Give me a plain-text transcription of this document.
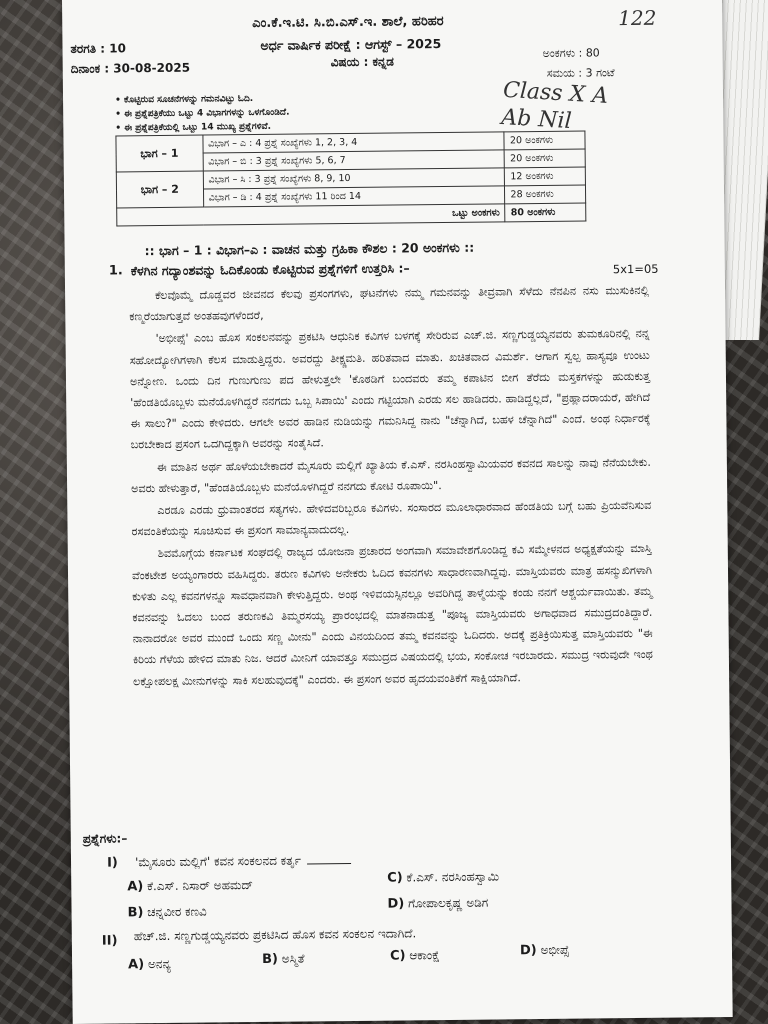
122
ಎಂ.ಕೆ.ಇ.ಟಿ. ಸಿ.ಬಿ.ಎಸ್.ಇ. ಶಾಲೆ, ಹರಿಹರ
ಅರ್ಧ ವಾರ್ಷಿಕ ಪರೀಕ್ಷೆ : ಆಗಸ್ಟ್ – 2025
ತರಗತಿ : 10
ದಿನಾಂಕ : 30-08-2025	ವಿಷಯ : ಕನ್ನಡ
ಅಂಕಗಳು : 80
ಸಮಯ : 3 ಗಂಟೆ
Class X A
Ab Nil
• ಕೊಟ್ಟಿರುವ ಸೂಚನೆಗಳನ್ನು ಗಮನವಿಟ್ಟು ಓದಿ.
• ಈ ಪ್ರಶ್ನೆಪತ್ರಿಕೆಯು ಒಟ್ಟು 4 ವಿಭಾಗಗಳನ್ನು ಒಳಗೊಂಡಿದೆ.
• ಈ ಪ್ರಶ್ನೆಪತ್ರಿಕೆಯಲ್ಲಿ ಒಟ್ಟು 14 ಮುಖ್ಯ ಪ್ರಶ್ನೆಗಳಿವೆ.
ಭಾಗ – 1	ವಿಭಾಗ – ಎ : 4 ಪ್ರಶ್ನೆ ಸಂಖ್ಯೆಗಳು 1, 2, 3, 4	20 ಅಂಕಗಳು
	ವಿಭಾಗ – ಬಿ : 3 ಪ್ರಶ್ನೆ ಸಂಖ್ಯೆಗಳು 5, 6, 7	20 ಅಂಕಗಳು
ಭಾಗ – 2	ವಿಭಾಗ – ಸಿ : 3 ಪ್ರಶ್ನೆ ಸಂಖ್ಯೆಗಳು 8, 9, 10	12 ಅಂಕಗಳು
	ವಿಭಾಗ – ಡಿ : 4 ಪ್ರಶ್ನೆ ಸಂಖ್ಯೆಗಳು 11 ರಿಂದ 14	28 ಅಂಕಗಳು
ಒಟ್ಟು ಅಂಕಗಳು		80 ಅಂಕಗಳು
:: ಭಾಗ – 1 : ವಿಭಾಗ–ಎ : ವಾಚನ ಮತ್ತು ಗ್ರಹಿಕಾ ಕೌಶಲ : 20 ಅಂಕಗಳು ::
1. ಕೆಳಗಿನ ಗದ್ಯಾಂಶವನ್ನು ಓದಿಕೊಂಡು ಕೊಟ್ಟಿರುವ ಪ್ರಶ್ನೆಗಳಿಗೆ ಉತ್ತರಿಸಿ :–	5x1=05

ಕೆಲವೊಮ್ಮೆ ದೊಡ್ಡವರ ಜೀವನದ ಕೆಲವು ಪ್ರಸಂಗಗಳು, ಘಟನೆಗಳು ನಮ್ಮ ಗಮನವನ್ನು ತೀವ್ರವಾಗಿ ಸೆಳೆದು ನೆನಪಿನ ನಸು ಮುಸುಕಿನಲ್ಲಿ ಕಣ್ಮರೆಯಾಗುತ್ತವೆ ಅಂತಹವುಗಳೆಂದರೆ,

'ಅಭೀಪ್ಸೆ' ಎಂಬ ಹೊಸ ಸಂಕಲನವನ್ನು ಪ್ರಕಟಿಸಿ ಆಧುನಿಕ ಕವಿಗಳ ಬಳಗಕ್ಕೆ ಸೇರಿರುವ ಎಚ್.ಜಿ. ಸಣ್ಣಗುಡ್ಡಯ್ಯನವರು ತುಮಕೂರಿನಲ್ಲಿ ನನ್ನ ಸಹೋದ್ಯೋಗಿಗಳಾಗಿ ಕೆಲಸ ಮಾಡುತ್ತಿದ್ದರು. ಅವರದ್ದು ತೀಕ್ಷ್ಣಮತಿ. ಹರಿತವಾದ ಮಾತು. ಖಚಿತವಾದ ವಿಮರ್ಶೆ. ಆಗಾಗ ಸ್ವಲ್ಪ ಹಾಸ್ಯವೂ ಉಂಟು ಅನ್ನೋಣ. ಒಂದು ದಿನ ಗುಣುಗುಣು ಪದ ಹೇಳುತ್ತಲೇ 'ಕೊಠಡಿಗೆ ಬಂದವರು ತಮ್ಮ ಕಪಾಟಿನ ಬೀಗ ತೆರೆದು ಮಸ್ತಕಗಳನ್ನು ಹುಡುಕುತ್ತ 'ಹೆಂಡತಿಯೊಬ್ಬಳು ಮನೆಯೊಳಗಿದ್ದರೆ ನನಗದು ಒಬ್ಬ ಸಿಪಾಯಿ' ಎಂದು ಗಟ್ಟಿಯಾಗಿ ಎರಡು ಸಲ ಹಾಡಿದರು. ಹಾಡಿದ್ದಲ್ಲದೆ, "ಪ್ರಹ್ಲಾದರಾಯರೆ, ಹೇಗಿದೆ ಈ ಸಾಲು?" ಎಂದು ಕೇಳಿದರು. ಆಗಲೇ ಅವರ ಹಾಡಿನ ನುಡಿಯನ್ನು ಗಮನಿಸಿದ್ದ ನಾನು "ಚೆನ್ನಾಗಿದೆ, ಬಹಳ ಚೆನ್ನಾಗಿದೆ" ಎಂದೆ. ಅಂಥ ನಿರ್ಧಾರಕ್ಕೆ ಬರಬೇಕಾದ ಪ್ರಸಂಗ ಒದಗಿದ್ದಕ್ಕಾಗಿ ಅವರನ್ನು ಸಂತೈಸಿದೆ.

ಈ ಮಾತಿನ ಅರ್ಥ ಹೊಳೆಯಬೇಕಾದರೆ ಮೈಸೂರು ಮಲ್ಲಿಗೆ ಖ್ಯಾತಿಯ ಕೆ.ಎಸ್. ನರಸಿಂಹಸ್ವಾಮಿಯವರ ಕವನದ ಸಾಲನ್ನು ನಾವು ನೆನೆಯಬೇಕು. ಅವರು ಹೇಳುತ್ತಾರೆ, "ಹೆಂಡತಿಯೊಬ್ಬಳು ಮನೆಯೊಳಗಿದ್ದರೆ ನನಗದು ಕೋಟಿ ರೂಪಾಯಿ".

ಎರಡೂ ಎರಡು ಧ್ರುವಾಂತರದ ಸತ್ಯಗಳು. ಹೇಳಿದವರಿಬ್ಬರೂ ಕವಿಗಳು. ಸಂಸಾರದ ಮೂಲಾಧಾರವಾದ ಹೆಂಡತಿಯ ಬಗ್ಗೆ ಬಹು ಪ್ರಿಯವೆನಿಸುವ ರಸವಂತಿಕೆಯನ್ನು ಸೂಚಿಸುವ ಈ ಪ್ರಸಂಗ ಸಾಮಾನ್ಯವಾದುದಲ್ಲ.

ಶಿವಮೊಗ್ಗೆಯ ಕರ್ನಾಟಕ ಸಂಘದಲ್ಲಿ ರಾಜ್ಯದ ಯೋಜನಾ ಪ್ರಚಾರದ ಅಂಗವಾಗಿ ಸಮಾವೇಶಗೊಂಡಿದ್ದ ಕವಿ ಸಮ್ಮೇಳನದ ಅಧ್ಯಕ್ಷತೆಯನ್ನು ಮಾಸ್ತಿ ವೆಂಕಟೇಶ ಅಯ್ಯಂಗಾರರು ವಹಿಸಿದ್ದರು. ತರುಣ ಕವಿಗಳು ಅನೇಕರು ಓದಿದ ಕವನಗಳು ಸಾಧಾರಣವಾಗಿದ್ದವು. ಮಾಸ್ತಿಯವರು ಮಾತ್ರ ಹಸನ್ಮುಖಿಗಳಾಗಿ ಕುಳಿತು ಎಲ್ಲ ಕವನಗಳನ್ನೂ ಸಾವಧಾನವಾಗಿ ಕೇಳುತ್ತಿದ್ದರು. ಅಂಥ ಇಳಿವಯಸ್ಸಿನಲ್ಲೂ ಅವರಿಗಿದ್ದ ತಾಳ್ಮೆಯನ್ನು ಕಂಡು ನನಗೆ ಆಶ್ಚರ್ಯವಾಯಿತು. ತಮ್ಮ ಕವನವನ್ನು ಓದಲು ಬಂದ ತರುಣಕವಿ ತಿಮ್ಮರಸಯ್ಯ ಪ್ರಾರಂಭದಲ್ಲಿ ಮಾತನಾಡುತ್ತ "ಪೂಜ್ಯ ಮಾಸ್ತಿಯವರು ಅಗಾಧವಾದ ಸಮುದ್ರದಂತಿದ್ದಾರೆ. ನಾನಾದರೋ ಅವರ ಮುಂದೆ ಒಂದು ಸಣ್ಣ ಮೀನು" ಎಂದು ವಿನಯದಿಂದ ತಮ್ಮ ಕವನವನ್ನು ಓದಿದರು. ಅದಕ್ಕೆ ಪ್ರತಿಕ್ರಿಯಿಸುತ್ತ ಮಾಸ್ತಿಯವರು "ಈ ಕಿರಿಯ ಗೆಳೆಯ ಹೇಳಿದ ಮಾತು ನಿಜ. ಆದರೆ ಮೀನಿಗೆ ಯಾವತ್ತೂ ಸಮುದ್ರದ ವಿಷಯದಲ್ಲಿ ಭಯ, ಸಂಕೋಚ ಇರಬಾರದು. ಸಮುದ್ರ ಇರುವುದೇ ಇಂಥ ಲಕ್ಷೋಪಲಕ್ಷ ಮೀನುಗಳನ್ನು ಸಾಕಿ ಸಲಹುವುದಕ್ಕೆ" ಎಂದರು. ಈ ಪ್ರಸಂಗ ಅವರ ಹೃದಯವಂತಿಕೆಗೆ ಸಾಕ್ಷಿಯಾಗಿದೆ.

ಪ್ರಶ್ನೆಗಳು:–
I) 'ಮೈಸೂರು ಮಲ್ಲಿಗೆ' ಕವನ ಸಂಕಲನದ ಕರ್ತೃ
A) ಕೆ.ಎಸ್. ನಿಸಾರ್ ಅಹಮದ್	C) ಕೆ.ಎಸ್. ನರಸಿಂಹಸ್ವಾಮಿ
B) ಚನ್ನವೀರ ಕಣವಿ
D) ಗೋಪಾಲಕೃಷ್ಣ ಅಡಿಗ
II) ಹೆಚ್.ಜಿ. ಸಣ್ಣಗುಡ್ಡಯ್ಯನವರು ಪ್ರಕಟಿಸಿದ ಹೊಸ ಕವನ ಸಂಕಲನ ಇದಾಗಿದೆ.
A) ಅನನ್ಯ	B) ಅಸ್ಮಿತೆ	C) ಆಕಾಂಕ್ಷೆ	D) ಅಭೀಪ್ಸೆ
